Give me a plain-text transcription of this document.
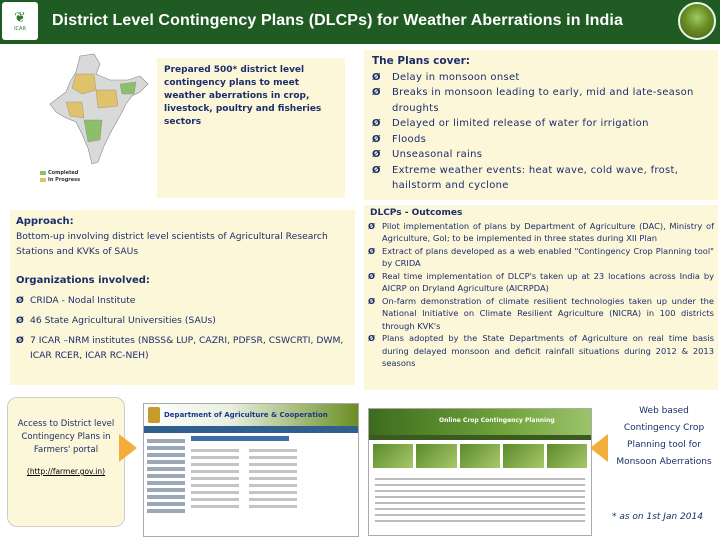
❦
ICAR District Level Contingency Plans (DLCPs) for Weather Aberrations in India
Completed
In Progress
Prepared 500* district level contingency plans to meet weather aberrations in crop, livestock, poultry and fisheries sectors
The Plans cover:
Ø Delay in monsoon onset
Ø Breaks in monsoon leading to early, mid and late-season droughts
Ø Delayed or limited release of water for irrigation
Ø Floods
Ø Unseasonal rains
Ø Extreme weather events: heat wave, cold wave, frost, hailstorm and cyclone
Approach:

Bottom-up involving district level scientists of Agricultural Research Stations and KVKs of SAUs

Organizations involved:
Ø CRIDA - Nodal Institute
Ø 46 State Agricultural Universities (SAUs)
Ø 7 ICAR –NRM institutes (NBSS& LUP, CAZRI, PDFSR, CSWCRTI, DWM, ICAR RCER, ICAR RC-NEH)
DLCPs - Outcomes
Ø Pilot implementation of plans by Department of Agriculture (DAC), Ministry of Agriculture, GoI; to be implemented in three states during XII Plan
Ø Extract of plans developed as a web enabled "Contingency Crop Planning tool" by CRIDA
Ø Real time implementation of DLCP's taken up at 23 locations across India by AICRP on Dryland Agriculture (AICRPDA)
Ø On-farm demonstration of climate resilient technologies taken up under the National Initiative on Climate Resilient Agriculture (NICRA) in 100 districts through KVK's
Ø Plans adopted by the State Departments of Agriculture on real time basis during delayed monsoon and deficit rainfall situations during 2012 & 2013 seasons
Access to District level Contingency Plans in Farmers' portal
(http://farmer.gov.in)
Department of Agriculture & Cooperation
Online Crop Contingency Planning
Web based Contingency Crop Planning tool for Monsoon Aberrations
* as on 1st Jan 2014
